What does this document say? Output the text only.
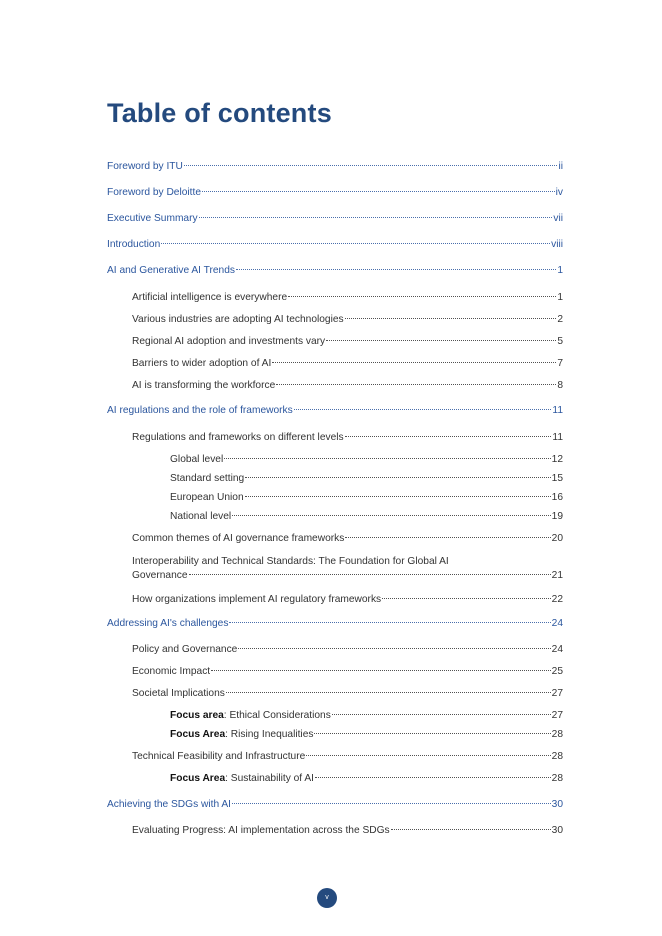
Table of contents
Foreword by ITU	ii
Foreword by Deloitte	iv
Executive Summary	vii
Introduction	viii
AI and Generative AI Trends	1
Artificial intelligence is everywhere	1
Various industries are adopting AI technologies	2
Regional AI adoption and investments vary	5
Barriers to wider adoption of AI	7
AI is transforming the workforce	8
AI regulations and the role of frameworks	11
Regulations and frameworks on different levels	11
Global level	12
Standard setting	15
European Union	16
National level	19
Common themes of AI governance frameworks	20
Interoperability and Technical Standards: The Foundation for Global AI
Governance	21
How organizations implement AI regulatory frameworks	22
Addressing AI's challenges	24
Policy and Governance	24
Economic Impact	25
Societal Implications	27
Focus area: Ethical Considerations	27
Focus Area: Rising Inequalities	28
Technical Feasibility and Infrastructure	28
Focus Area: Sustainability of AI	28
Achieving the SDGs with AI	30
Evaluating Progress: AI implementation across the SDGs	30
v
